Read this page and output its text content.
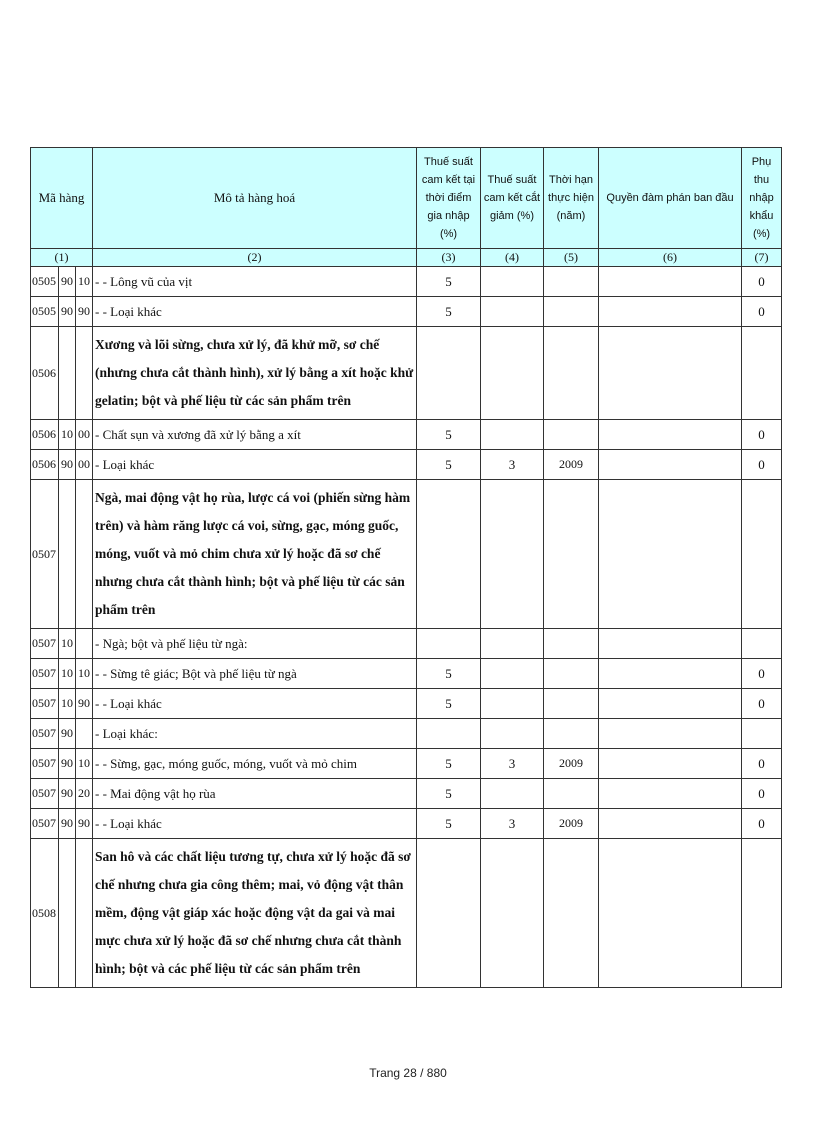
Mã hàng			Mô tả hàng hoá	Thuế suất cam kết tại thời điểm gia nhập (%)	Thuế suất cam kết cắt giảm (%)	Thời hạn thực hiện (năm)	Quyền đàm phán ban đầu	Phụ thu nhập khẩu (%)
(1)			(2)	(3)	(4)	(5)	(6)	(7)
0505	90	10	- - Lông vũ của vịt	5				0
0505	90	90	- - Loại khác	5				0
0506			Xương và lõi sừng, chưa xử lý, đã khử mỡ, sơ chế (nhưng chưa cắt thành hình), xử lý bằng a xít hoặc khử gelatin; bột và phế liệu từ các sản phẩm trên					
0506	10	00	- Chất sụn và xương đã xử lý bằng a xít	5				0
0506	90	00	- Loại khác	5	3	2009		0
0507			Ngà, mai động vật họ rùa, lược cá voi (phiến sừng hàm trên) và hàm răng lược cá voi, sừng, gạc, móng guốc, móng, vuốt và mỏ chim chưa xử lý hoặc đã sơ chế nhưng chưa cắt thành hình; bột và phế liệu từ các sản phẩm trên					
0507	10		- Ngà; bột và phế liệu từ ngà:					
0507	10	10	- - Sừng tê giác; Bột và phế liệu từ ngà	5				0
0507	10	90	- - Loại khác	5				0
0507	90		- Loại khác:					
0507	90	10	- - Sừng, gạc, móng guốc, móng, vuốt và mỏ chim	5	3	2009		0
0507	90	20	- - Mai động vật họ rùa	5				0
0507	90	90	- - Loại khác	5	3	2009		0
0508			San hô và các chất liệu tương tự, chưa xử lý hoặc đã sơ chế nhưng chưa gia công thêm; mai, vỏ động vật thân mềm, động vật giáp xác hoặc động vật da gai và mai mực chưa xử lý hoặc đã sơ chế nhưng chưa cắt thành hình; bột và các phế liệu từ các sản phẩm trên					
Trang 28 / 880
